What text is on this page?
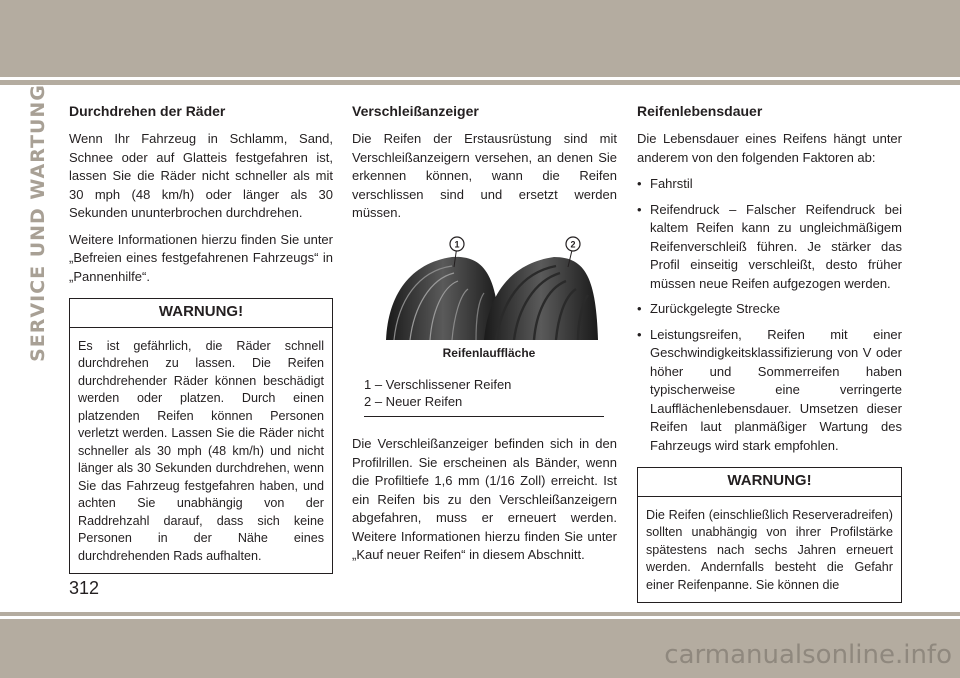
SERVICE UND WARTUNG Durchdrehen der Räder

Wenn Ihr Fahrzeug in Schlamm, Sand, Schnee oder auf Glatteis festgefahren ist, lassen Sie die Räder nicht schneller als mit 30 mph (48 km/h) oder länger als 30 Sekunden ununterbrochen durchdrehen.

Weitere Informationen hierzu finden Sie unter „Befreien eines festgefahrenen Fahrzeugs“ in „Pannenhilfe“.

WARNUNG!
Es ist gefährlich, die Räder schnell durchdrehen zu lassen. Die Reifen durchdrehender Räder können beschädigt werden oder platzen. Durch einen platzenden Reifen können Personen verletzt werden. Lassen Sie die Räder nicht schneller als 30 mph (48 km/h) und nicht länger als 30 Sekunden durchdrehen, wenn Sie das Fahrzeug festgefahren haben, und achten Sie unabhängig von der Raddrehzahl darauf, dass sich keine Personen in der Nähe eines durchdrehenden Rads aufhalten.
Verschleißanzeiger

Die Reifen der Erstausrüstung sind mit Verschleißanzeigern versehen, an denen Sie erkennen können, wann die Reifen verschlissen sind und ersetzt werden müssen.

1	2
Reifenlauffläche
1 – Verschlissener Reifen
2 – Neuer Reifen

Die Verschleißanzeiger befinden sich in den Profilrillen. Sie erscheinen als Bänder, wenn die Profiltiefe 1,6 mm (1/16 Zoll) erreicht. Ist ein Reifen bis zu den Verschleißanzeigern abgefahren, muss er erneuert werden. Weitere Informationen hierzu finden Sie unter „Kauf neuer Reifen“ in diesem Abschnitt.

Reifenlebensdauer

Die Lebensdauer eines Reifens hängt unter anderem von den folgenden Faktoren ab:

• Fahrstil
• Reifendruck – Falscher Reifendruck bei kaltem Reifen kann zu ungleichmäßigem Reifenverschleiß führen. Je stärker das Profil einseitig verschleißt, desto früher müssen neue Reifen aufgezogen werden.
• Zurückgelegte Strecke
• Leistungsreifen, Reifen mit einer Geschwindigkeitsklassifizierung von V oder höher und Sommerreifen haben typischerweise eine verringerte Laufflächenlebensdauer. Umsetzen dieser Reifen laut planmäßiger Wartung des Fahrzeugs wird stark empfohlen.
WARNUNG!
Die Reifen (einschließlich Reserveradreifen) sollten unabhängig von ihrer Profilstärke spätestens nach sechs Jahren erneuert werden. Andernfalls besteht die Gefahr einer Reifenpanne. Sie können die
312
carmanualsonline.info
